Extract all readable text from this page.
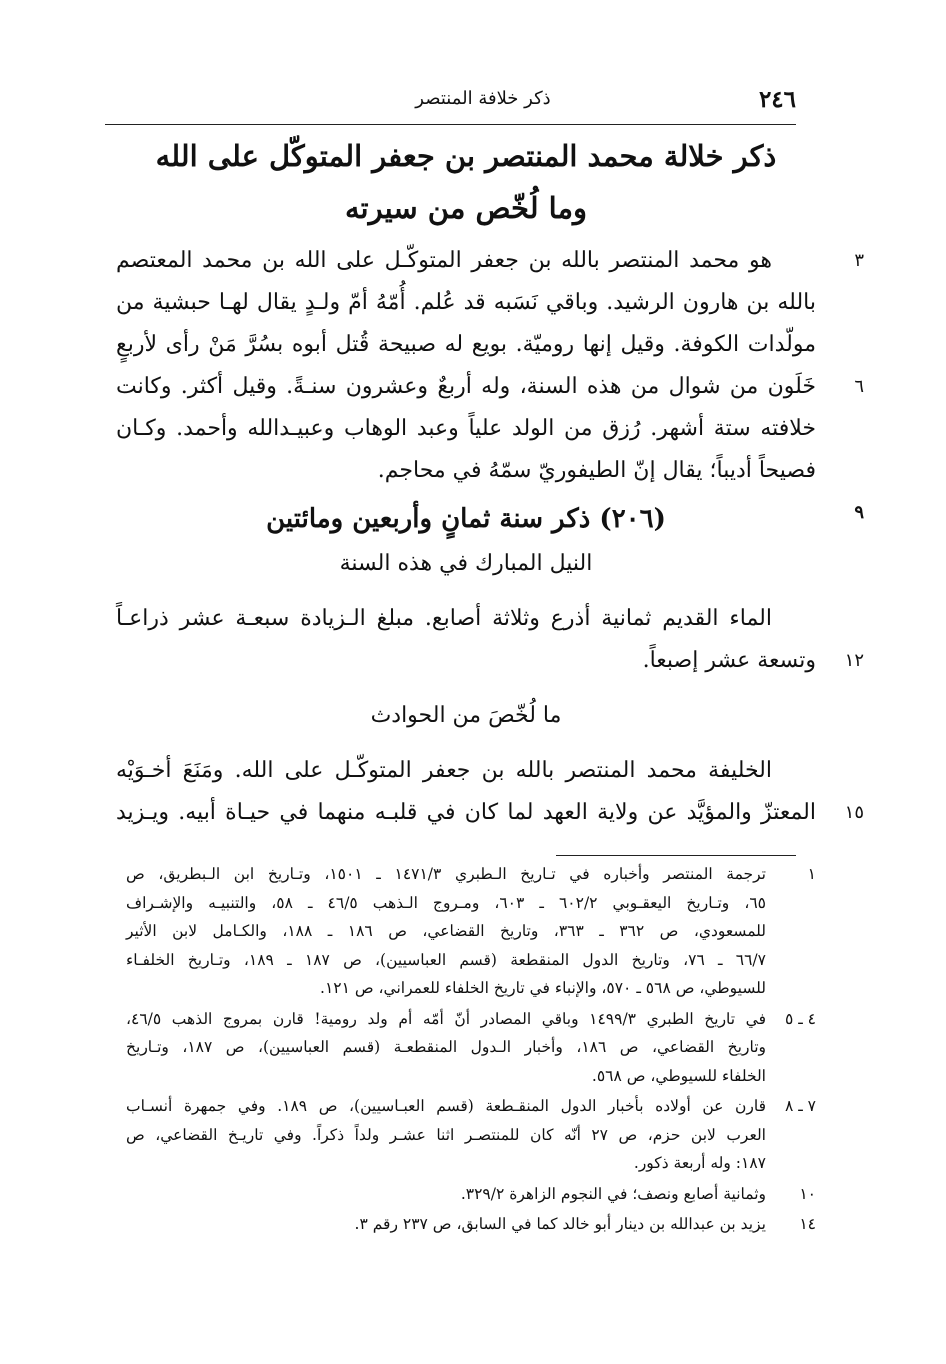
٢٤٦
ذكر خلافة المنتصر
ذكر خلالة محمد المنتصر بن جعفر المتوكّل على الله
وما لُخّص من سيرته
٣
٦
هو محمد المنتصر بالله بن جعفر المتوكّـل على الله بن محمد المعتصم
بالله بن هارون الرشيد. وباقي نَسَبه قد عُلم. أُمّهُ أمّ ولـدٍ يقال لهـا حبشية من
مولّدات الكوفة. وقيل إنها روميّة. بويع له صبيحة قُتل أبوه بسُرَّ مَنْ رأى لأربعٍ
خَلَون من شوال من هذه السنة، وله أربعٌ وعشرون سنـةً. وقيل أكثر. وكانت
خلافته ستة أشهر. رُزق من الولد علياً وعبد الوهاب وعبيـدالله وأحمد. وكـان
فصيحاً أديباً؛ يقال إنّ الطيفوريّ سمّهُ في محاجم.
٩
(٢٠٦) ذكر سنة ثمانٍ وأربعين ومائتين
النيل المبارك في هذه السنة
١٢
الماء القديم ثمانية أذرع وثلاثة أصابع. مبلغ الـزيادة سبعـة عشر ذراعـاً
وتسعة عشر إصبعاً.
ما لُخّصَ من الحوادث
١٥
الخليفة محمد المنتصر بالله بن جعفر المتوكّـل على الله. ومَنَعَ أخـوَيْه
المعتزّ والمؤيَّد عن ولاية العهد لما كان في قلبـه منهما في حيـاة أبيه. ويـزيد
١
ترجمة المنتصر وأخباره في تـاريخ الـطبري ١٤٧١/٣ ـ ١٥٠١، وتـاريخ ابن الـبطريق، ص
٦٥، وتـاريخ اليعقـوبي ٦٠٢/٢ ـ ٦٠٣، ومـروج الـذهب ٤٦/٥ ـ ٥٨، والتنبيـه والإشـراف
للمسعودي، ص ٣٦٢ ـ ٣٦٣، وتاريخ القضاعي، ص ١٨٦ ـ ١٨٨، والكـامل لابن الأثير
٦٦/٧ ـ ٧٦، وتاريخ الدول المنقطعة (قسم العباسيين)، ص ١٨٧ ـ ١٨٩، وتـاريخ الخلفـاء
للسيوطي، ص ٥٦٨ ـ ٥٧٠، والإنباء في تاريخ الخلفاء للعمراني، ص ١٢١.
٤ ـ ٥
في تاريخ الطبري ١٤٩٩/٣ وباقي المصادر أنّ أمّه أم ولد رومية! قارن بمروج الذهب ٤٦/٥،
وتاريخ القضاعي، ص ١٨٦، وأخبار الـدول المنقطعـة (قسم العباسيين)، ص ١٨٧، وتـاريخ
الخلفاء للسيوطي، ص ٥٦٨.
٧ ـ ٨
قارن عن أولاده بأخبار الدول المنقـطعة (قسم العبـاسيين)، ص ١٨٩. وفي جمهرة أنسـاب
العرب لابن حزم، ص ٢٧ أنّه كان للمنتصـر اثنا عشـر ولداً ذكراً. وفي تاريـخ القضاعي، ص
١٨٧: وله أربعة ذكور.
١٠
وثمانية أصابع ونصف؛ في النجوم الزاهرة ٣٢٩/٢.
١٤
يزيد بن عبدالله بن دينار أبو خالد كما في السابق، ص ٢٣٧ رقم ٣.
